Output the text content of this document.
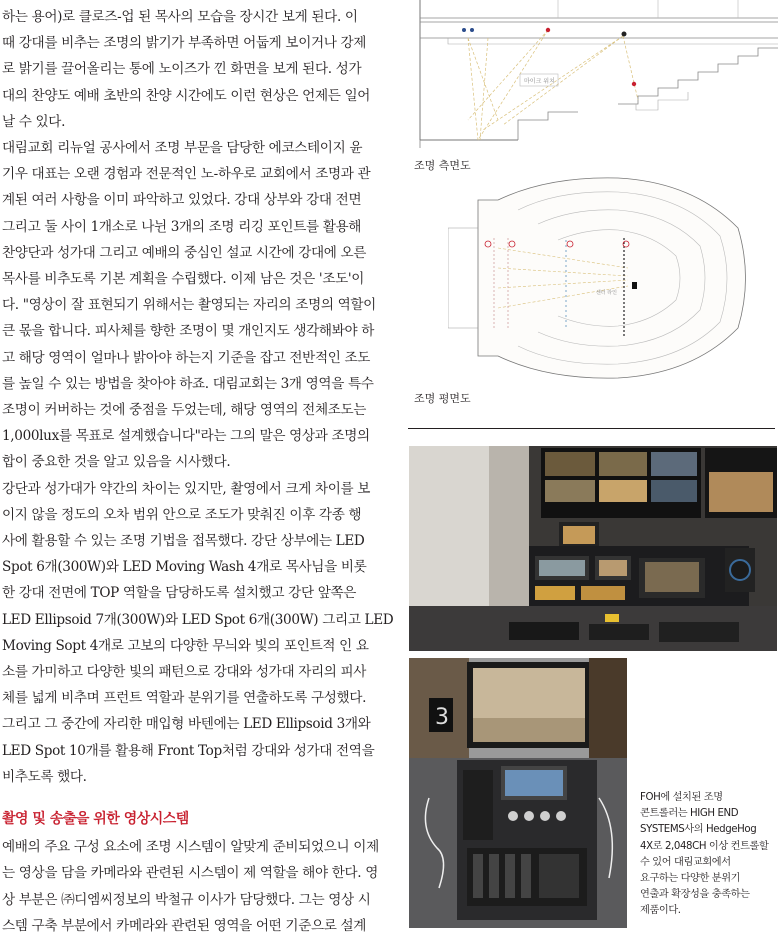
하는 용어)로 클로즈-업 된 목사의 모습을 장시간 보게 된다. 이
때 강대를 비추는 조명의 밝기가 부족하면 어둡게 보이거나 강제
로 밝기를 끌어올리는 통에 노이즈가 낀 화면을 보게 된다. 성가
대의 찬양도 예배 초반의 찬양 시간에도 이런 현상은 언제든 일어
날 수 있다.

대림교회 리뉴얼 공사에서 조명 부문을 담당한 에코스테이지 윤
기우 대표는 오랜 경험과 전문적인 노-하우로 교회에서 조명과 관
계된 여러 사항을 이미 파악하고 있었다. 강대 상부와 강대 전면
그리고 둘 사이 1개소로 나뉜 3개의 조명 리깅 포인트를 활용해
찬양단과 성가대 그리고 예배의 중심인 설교 시간에 강대에 오른
목사를 비추도록 기본 계획을 수립했다. 이제 남은 것은 '조도'이
다. "영상이 잘 표현되기 위해서는 촬영되는 자리의 조명의 역할이
큰 몫을 합니다. 피사체를 향한 조명이 몇 개인지도 생각해봐야 하
고 해당 영역이 얼마나 밝아야 하는지 기준을 잡고 전반적인 조도
를 높일 수 있는 방법을 찾아야 하죠. 대림교회는 3개 영역을 특수
조명이 커버하는 것에 중점을 두었는데, 해당 영역의 전체조도는
1,000lux를 목표로 설계했습니다"라는 그의 말은 영상과 조명의
합이 중요한 것을 알고 있음을 시사했다.

강단과 성가대가 약간의 차이는 있지만, 촬영에서 크게 차이를 보
이지 않을 정도의 오차 범위 안으로 조도가 맞춰진 이후 각종 행
사에 활용할 수 있는 조명 기법을 접목했다. 강단 상부에는 LED
Spot 6개(300W)와 LED Moving Wash 4개로 목사님을 비롯
한 강대 전면에 TOP 역할을 담당하도록 설치했고 강단 앞쪽은
LED Ellipsoid 7개(300W)와 LED Spot 6개(300W) 그리고 LED
Moving Sopt 4개로 고보의 다양한 무늬와 빛의 포인트적 인 요
소를 가미하고 다양한 빛의 패턴으로 강대와 성가대 자리의 피사
체를 넓게 비추며 프런트 역할과 분위기를 연출하도록 구성했다.
그리고 그 중간에 자리한 매입형 바텐에는 LED Ellipsoid 3개와
LED Spot 10개를 활용해 Front Top처럼 강대와 성가대 전역을
비추도록 했다.

촬영 및 송출을 위한 영상시스템

예배의 주요 구성 요소에 조명 시스템이 알맞게 준비되었으니 이제
는 영상을 담을 카메라와 관련된 시스템이 제 역할을 해야 한다. 영
상 부분은 ㈜디엠씨정보의 박철규 이사가 담당했다. 그는 영상 시
스템 구축 부분에서 카메라와 관련된 영역을 어떤 기준으로 설계

마이크 위치
조명 측면도
센터 라인
조명 평면도
3
FOH에 설치된 조명
콘트롤러는 HIGH END
SYSTEMS사의 HedgeHog
4X로 2,048CH 이상 컨트롤할
수 있어 대림교회에서
요구하는 다양한 분위기
연출과 확장성을 충족하는
제품이다.
